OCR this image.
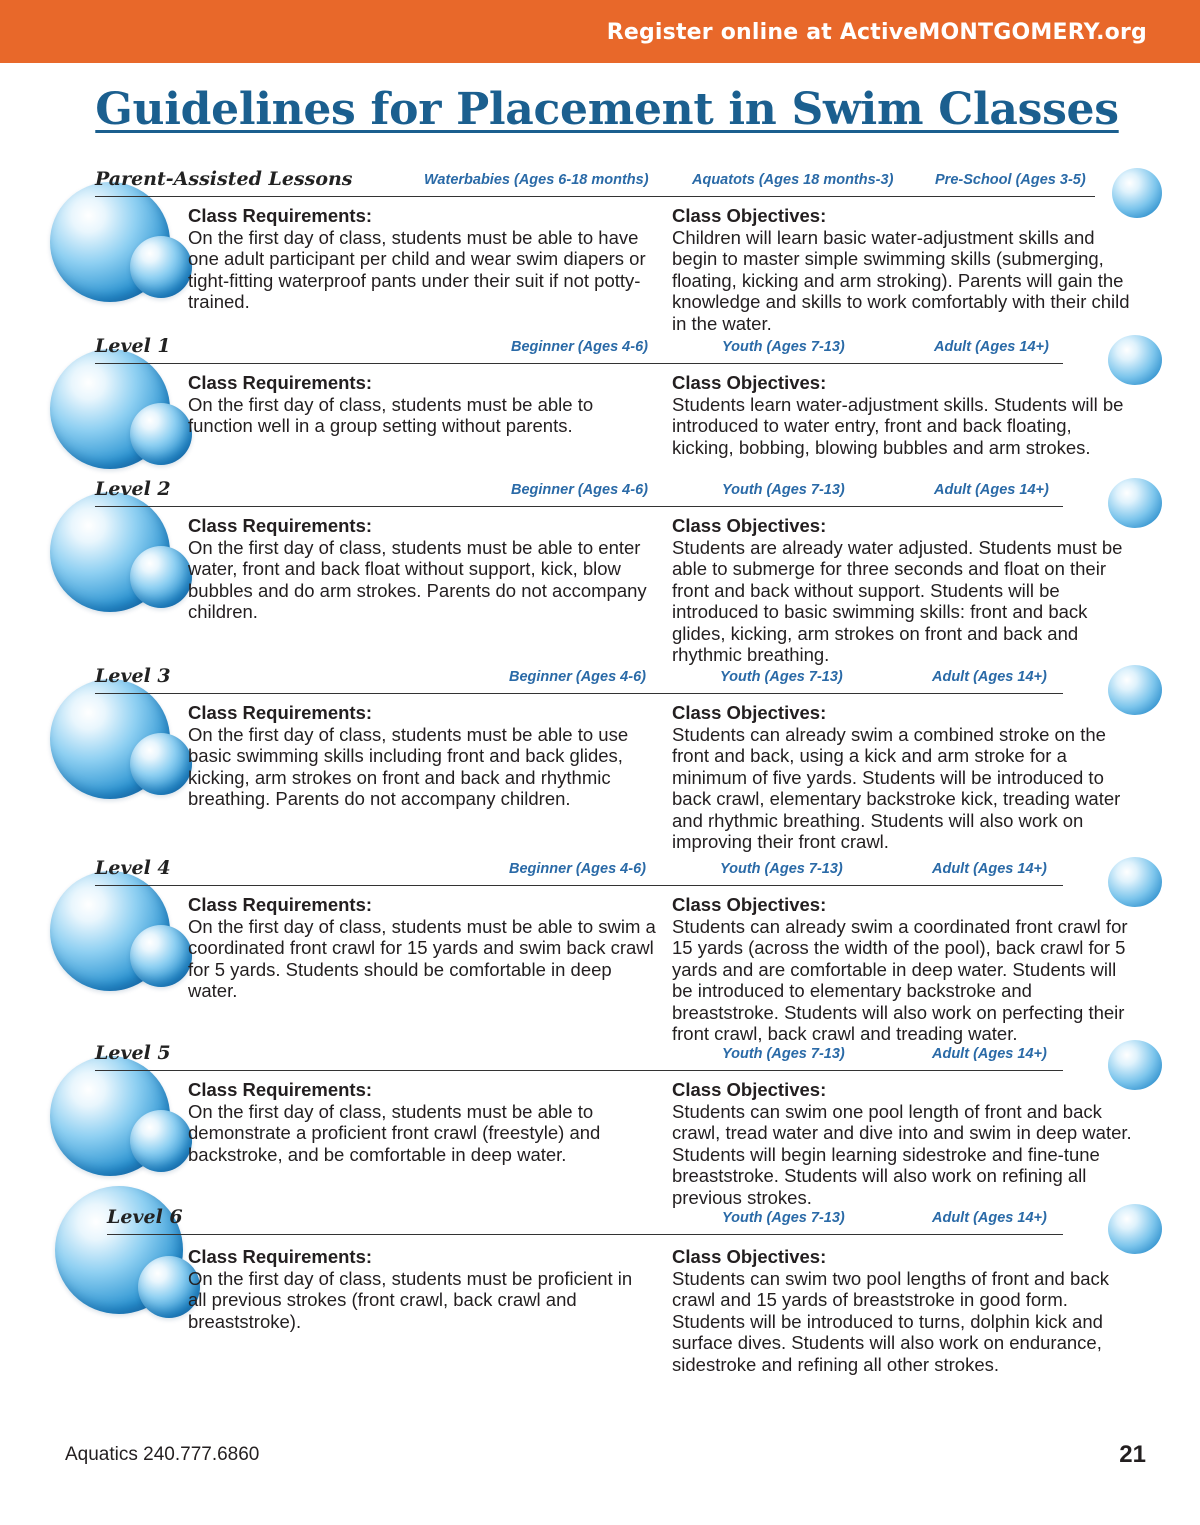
Register online at ActiveMONTGOMERY.org
Guidelines for Placement in Swim Classes
Parent-Assisted Lessons	Waterbabies (Ages 6-18 months)	Aquatots (Ages 18 months-3)	Pre-School (Ages 3-5)
Class Requirements:
On the first day of class, students must be able to have one adult participant per child and wear swim diapers or tight-fitting waterproof pants under their suit if not potty-trained.
Class Objectives:
Children will learn basic water-adjustment skills and begin to master simple swimming skills (submerging, floating, kicking and arm stroking). Parents will gain the knowledge and skills to work comfortably with their child in the water.
Level 1	Beginner (Ages 4-6)	Youth (Ages 7-13)	Adult (Ages 14+)
Class Requirements:
On the first day of class, students must be able to function well in a group setting without parents.
Class Objectives:
Students learn water-adjustment skills. Students will be introduced to water entry, front and back floating, kicking, bobbing, blowing bubbles and arm strokes.
Level 2	Beginner (Ages 4-6)	Youth (Ages 7-13)	Adult (Ages 14+)
Class Requirements:
On the first day of class, students must be able to enter water, front and back float without support, kick, blow bubbles and do arm strokes. Parents do not accompany children.
Class Objectives:
Students are already water adjusted. Students must be able to submerge for three seconds and float on their front and back without support. Students will be introduced to basic swimming skills: front and back glides, kicking, arm strokes on front and back and rhythmic breathing.
Level 3	Beginner (Ages 4-6)	Youth (Ages 7-13)	Adult (Ages 14+)
Class Requirements:
On the first day of class, students must be able to use basic swimming skills including front and back glides, kicking, arm strokes on front and back and rhythmic breathing. Parents do not accompany children.
Class Objectives:
Students can already swim a combined stroke on the front and back, using a kick and arm stroke for a minimum of five yards. Students will be introduced to back crawl, elementary backstroke kick, treading water and rhythmic breathing. Students will also work on improving their front crawl.
Level 4	Beginner (Ages 4-6)	Youth (Ages 7-13)	Adult (Ages 14+)
Class Requirements:
On the first day of class, students must be able to swim a coordinated front crawl for 15 yards and swim back crawl for 5 yards. Students should be comfortable in deep water.
Class Objectives:
Students can already swim a coordinated front crawl for 15 yards (across the width of the pool), back crawl for 5 yards and are comfortable in deep water. Students will be introduced to elementary backstroke and breaststroke. Students will also work on perfecting their front crawl, back crawl and treading water.
Level 5	Youth (Ages 7-13)	Adult (Ages 14+)
Class Requirements:
On the first day of class, students must be able to demonstrate a proficient front crawl (freestyle) and backstroke, and be comfortable in deep water.
Class Objectives:
Students can swim one pool length of front and back crawl, tread water and dive into and swim in deep water. Students will begin learning sidestroke and fine-tune breaststroke. Students will also work on refining all previous strokes.
Level 6	Youth (Ages 7-13)	Adult (Ages 14+)
Class Requirements:
On the first day of class, students must be proficient in all previous strokes (front crawl, back crawl and breaststroke).
Class Objectives:
Students can swim two pool lengths of front and back crawl and 15 yards of breaststroke in good form. Students will be introduced to turns, dolphin kick and surface dives. Students will also work on endurance, sidestroke and refining all other strokes.
Aquatics 240.777.6860	21
